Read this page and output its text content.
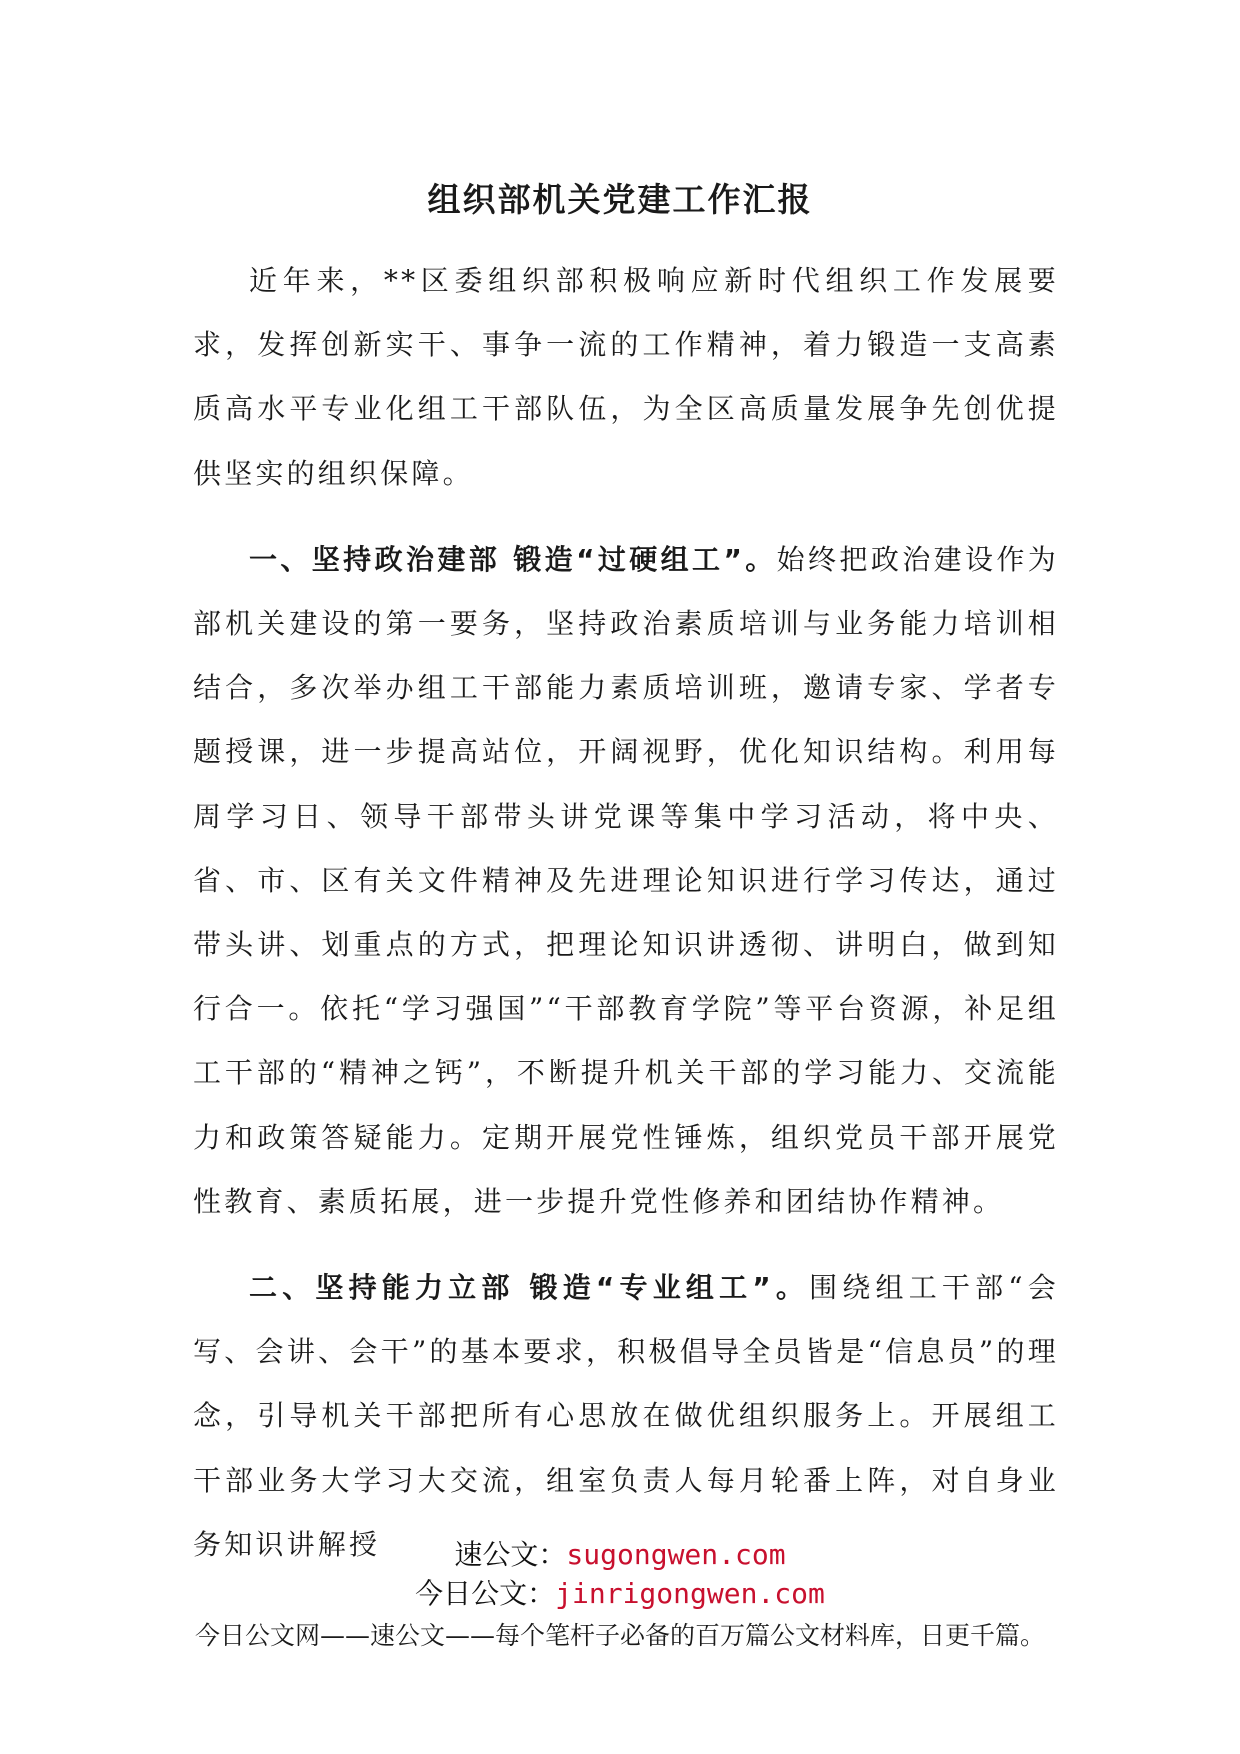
组织部机关党建工作汇报

近年来，**区委组织部积极响应新时代组织工作发展要求，发挥创新实干、事争一流的工作精神，着力锻造一支高素质高水平专业化组工干部队伍，为全区高质量发展争先创优提供坚实的组织保障。

一、坚持政治建部 锻造“过硬组工”。始终把政治建设作为部机关建设的第一要务，坚持政治素质培训与业务能力培训相结合，多次举办组工干部能力素质培训班，邀请专家、学者专题授课，进一步提高站位，开阔视野，优化知识结构。利用每周学习日、领导干部带头讲党课等集中学习活动，将中央、省、市、区有关文件精神及先进理论知识进行学习传达，通过带头讲、划重点的方式，把理论知识讲透彻、讲明白，做到知行合一。依托“学习强国”“干部教育学院”等平台资源，补足组工干部的“精神之钙”，不断提升机关干部的学习能力、交流能力和政策答疑能力。定期开展党性锤炼，组织党员干部开展党性教育、素质拓展，进一步提升党性修养和团结协作精神。

二、坚持能力立部 锻造“专业组工”。围绕组工干部“会写、会讲、会干”的基本要求，积极倡导全员皆是“信息员”的理念，引导机关干部把所有心思放在做优组织服务上。开展组工干部业务大学习大交流，组室负责人每月轮番上阵，对自身业务知识讲解授	速公文：sugongwen.com
今日公文：jinrigongwen.com
今日公文网——速公文——每个笔杆子必备的百万篇公文材料库，日更千篇。
